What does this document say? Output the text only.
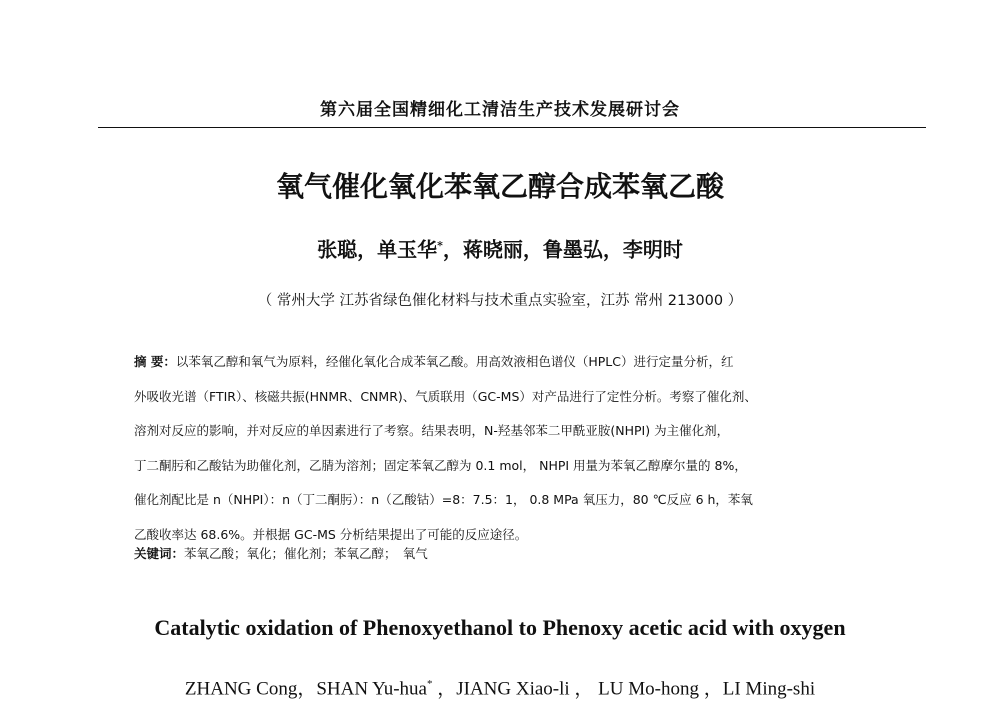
第六届全国精细化工清洁生产技术发展研讨会
氧气催化氧化苯氧乙醇合成苯氧乙酸
张聪，单玉华*，蒋晓丽，鲁墨弘，李明时
（ 常州大学 江苏省绿色催化材料与技术重点实验室，江苏 常州 213000 ）
摘 要：以苯氧乙醇和氧气为原料，经催化氧化合成苯氧乙酸。用高效液相色谱仪（HPLC）进行定量分析，红
外吸收光谱（FTIR）、核磁共振(HNMR、CNMR)、气质联用（GC-MS）对产品进行了定性分析。考察了催化剂、
溶剂对反应的影响，并对反应的单因素进行了考察。结果表明，N-羟基邻苯二甲酰亚胺(NHPI) 为主催化剂，
丁二酮肟和乙酸钴为助催化剂，乙腈为溶剂；固定苯氧乙醇为 0.1 mol， NHPI 用量为苯氧乙醇摩尔量的 8%，
催化剂配比是 n（NHPI）：n（丁二酮肟）：n（乙酸钴）=8：7.5：1， 0.8 MPa 氧压力，80 ℃反应 6 h，苯氧
乙酸收率达 68.6%。并根据 GC-MS 分析结果提出了可能的反应途径。
关键词：苯氧乙酸；氧化；催化剂；苯氧乙醇；　氧气
Catalytic oxidation of Phenoxyethanol to Phenoxy acetic acid with oxygen
ZHANG Cong，SHAN Yu-hua* ，JIANG Xiao-li ， LU Mo-hong ，LI Ming-shi
